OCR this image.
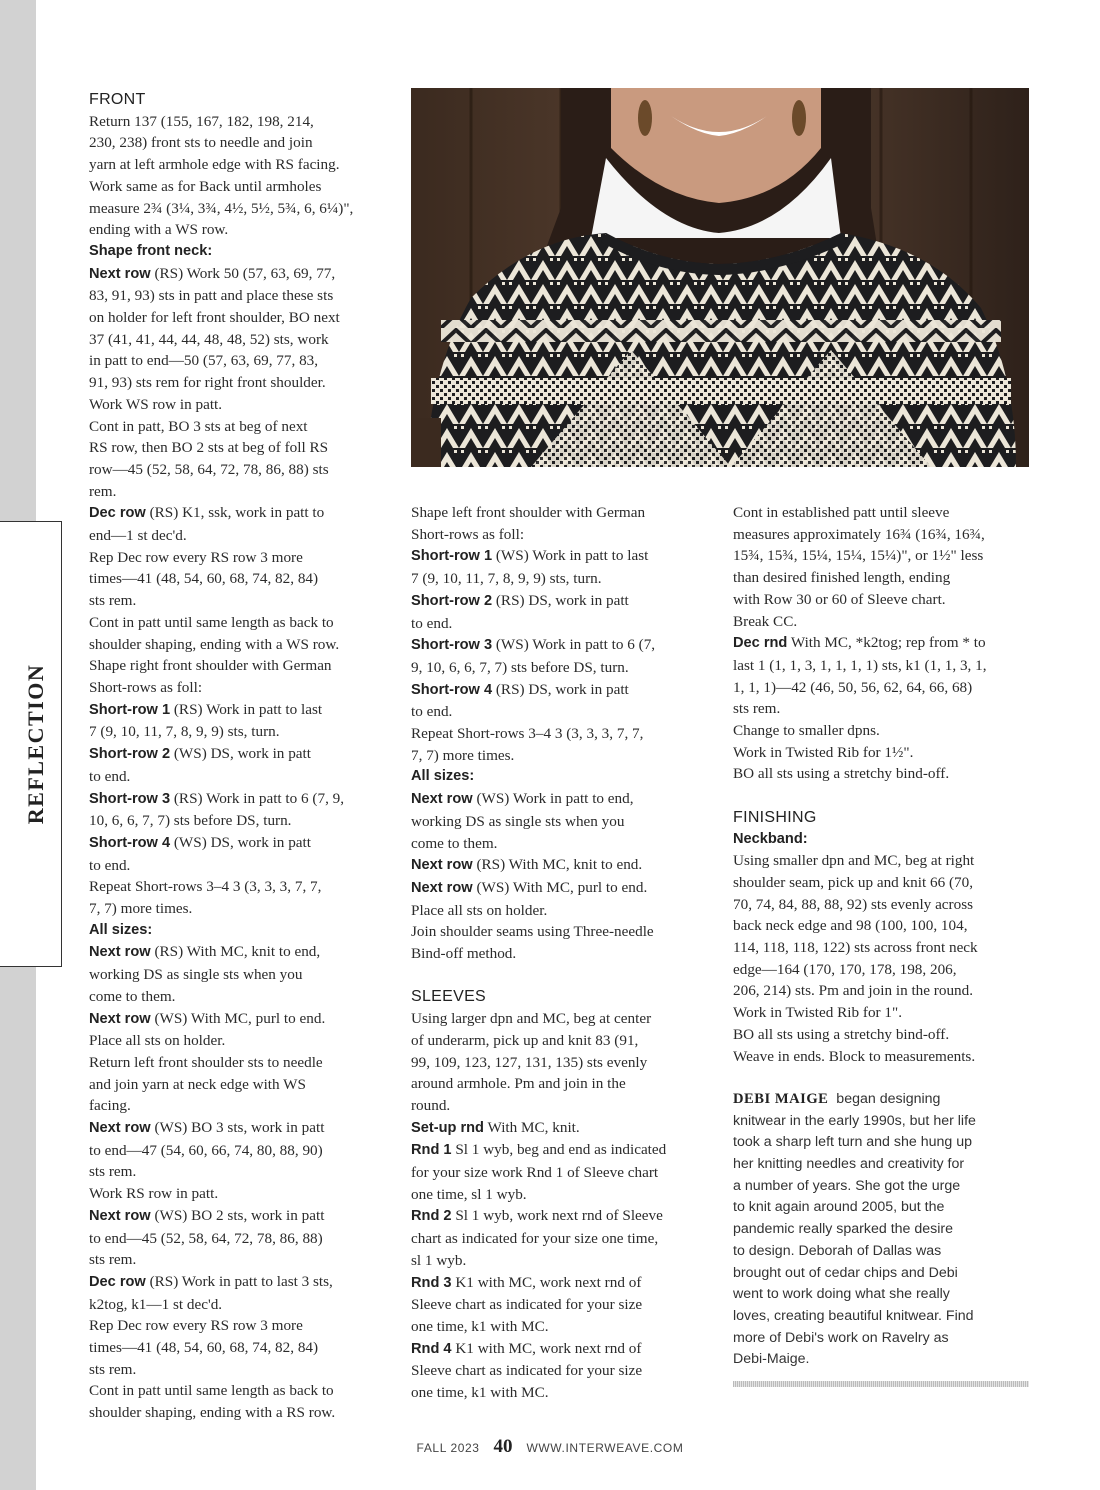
REFLECTION
FRONT
Return 137 (155, 167, 182, 198, 214,
230, 238) front sts to needle and join
yarn at left armhole edge with RS facing.
Work same as for Back until armholes
measure 2¾ (3¼, 3¾, 4½, 5½, 5¾, 6, 6¼)",
ending with a WS row.
Shape front neck:
Next row (RS) Work 50 (57, 63, 69, 77,
83, 91, 93) sts in patt and place these sts
on holder for left front shoulder, BO next
37 (41, 41, 44, 44, 48, 48, 52) sts, work
in patt to end—50 (57, 63, 69, 77, 83,
91, 93) sts rem for right front shoulder.
Work WS row in patt.
Cont in patt, BO 3 sts at beg of next
RS row, then BO 2 sts at beg of foll RS
row—45 (52, 58, 64, 72, 78, 86, 88) sts
rem.
Dec row (RS) K1, ssk, work in patt to
end—1 st dec'd.
Rep Dec row every RS row 3 more
times—41 (48, 54, 60, 68, 74, 82, 84)
sts rem.
Cont in patt until same length as back to
shoulder shaping, ending with a WS row.
Shape right front shoulder with German
Short-rows as foll:
Short-row 1 (RS) Work in patt to last
7 (9, 10, 11, 7, 8, 9, 9) sts, turn.
Short-row 2 (WS) DS, work in patt
to end.
Short-row 3 (RS) Work in patt to 6 (7, 9,
10, 6, 6, 7, 7) sts before DS, turn.
Short-row 4 (WS) DS, work in patt
to end.
Repeat Short-rows 3–4 3 (3, 3, 3, 7, 7,
7, 7) more times.
All sizes:
Next row (RS) With MC, knit to end,
working DS as single sts when you
come to them.
Next row (WS) With MC, purl to end.
Place all sts on holder.
Return left front shoulder sts to needle
and join yarn at neck edge with WS
facing.
Next row (WS) BO 3 sts, work in patt
to end—47 (54, 60, 66, 74, 80, 88, 90)
sts rem.
Work RS row in patt.
Next row (WS) BO 2 sts, work in patt
to end—45 (52, 58, 64, 72, 78, 86, 88)
sts rem.
Dec row (RS) Work in patt to last 3 sts,
k2tog, k1—1 st dec'd.
Rep Dec row every RS row 3 more
times—41 (48, 54, 60, 68, 74, 82, 84)
sts rem.
Cont in patt until same length as back to
shoulder shaping, ending with a RS row.
Shape left front shoulder with German
Short-rows as foll:
Short-row 1 (WS) Work in patt to last
7 (9, 10, 11, 7, 8, 9, 9) sts, turn.
Short-row 2 (RS) DS, work in patt
to end.
Short-row 3 (WS) Work in patt to 6 (7,
9, 10, 6, 6, 7, 7) sts before DS, turn.
Short-row 4 (RS) DS, work in patt
to end.
Repeat Short-rows 3–4 3 (3, 3, 3, 7, 7,
7, 7) more times.
All sizes:
Next row (WS) Work in patt to end,
working DS as single sts when you
come to them.
Next row (RS) With MC, knit to end.
Next row (WS) With MC, purl to end.
Place all sts on holder.
Join shoulder seams using Three-needle
Bind-off method.
SLEEVES
Using larger dpn and MC, beg at center
of underarm, pick up and knit 83 (91,
99, 109, 123, 127, 131, 135) sts evenly
around armhole. Pm and join in the
round.
Set-up rnd With MC, knit.
Rnd 1 Sl 1 wyb, beg and end as indicated
for your size work Rnd 1 of Sleeve chart
one time, sl 1 wyb.
Rnd 2 Sl 1 wyb, work next rnd of Sleeve
chart as indicated for your size one time,
sl 1 wyb.
Rnd 3 K1 with MC, work next rnd of
Sleeve chart as indicated for your size
one time, k1 with MC.
Rnd 4 K1 with MC, work next rnd of
Sleeve chart as indicated for your size
one time, k1 with MC.
Cont in established patt until sleeve
measures approximately 16¾ (16¾, 16¾,
15¾, 15¾, 15¼, 15¼, 15¼)", or 1½" less
than desired finished length, ending
with Row 30 or 60 of Sleeve chart.
Break CC.
Dec rnd With MC, *k2tog; rep from * to
last 1 (1, 1, 3, 1, 1, 1, 1) sts, k1 (1, 1, 3, 1,
1, 1, 1)—42 (46, 50, 56, 62, 64, 66, 68)
sts rem.
Change to smaller dpns.
Work in Twisted Rib for 1½".
BO all sts using a stretchy bind-off.
FINISHING
Neckband:
Using smaller dpn and MC, beg at right
shoulder seam, pick up and knit 66 (70,
70, 74, 84, 88, 88, 92) sts evenly across
back neck edge and 98 (100, 100, 104,
114, 118, 118, 122) sts across front neck
edge—164 (170, 170, 178, 198, 206,
206, 214) sts. Pm and join in the round.
Work in Twisted Rib for 1".
BO all sts using a stretchy bind-off.
Weave in ends. Block to measurements.
DEBI MAIGE  began designing
knitwear in the early 1990s, but her life
took a sharp left turn and she hung up
her knitting needles and creativity for
a number of years. She got the urge
to knit again around 2005, but the
pandemic really sparked the desire
to design. Deborah of Dallas was
brought out of cedar chips and Debi
went to work doing what she really
loves, creating beautiful knitwear. Find
more of Debi's work on Ravelry as
Debi-Maige.
FALL 2023 40 WWW.INTERWEAVE.COM
